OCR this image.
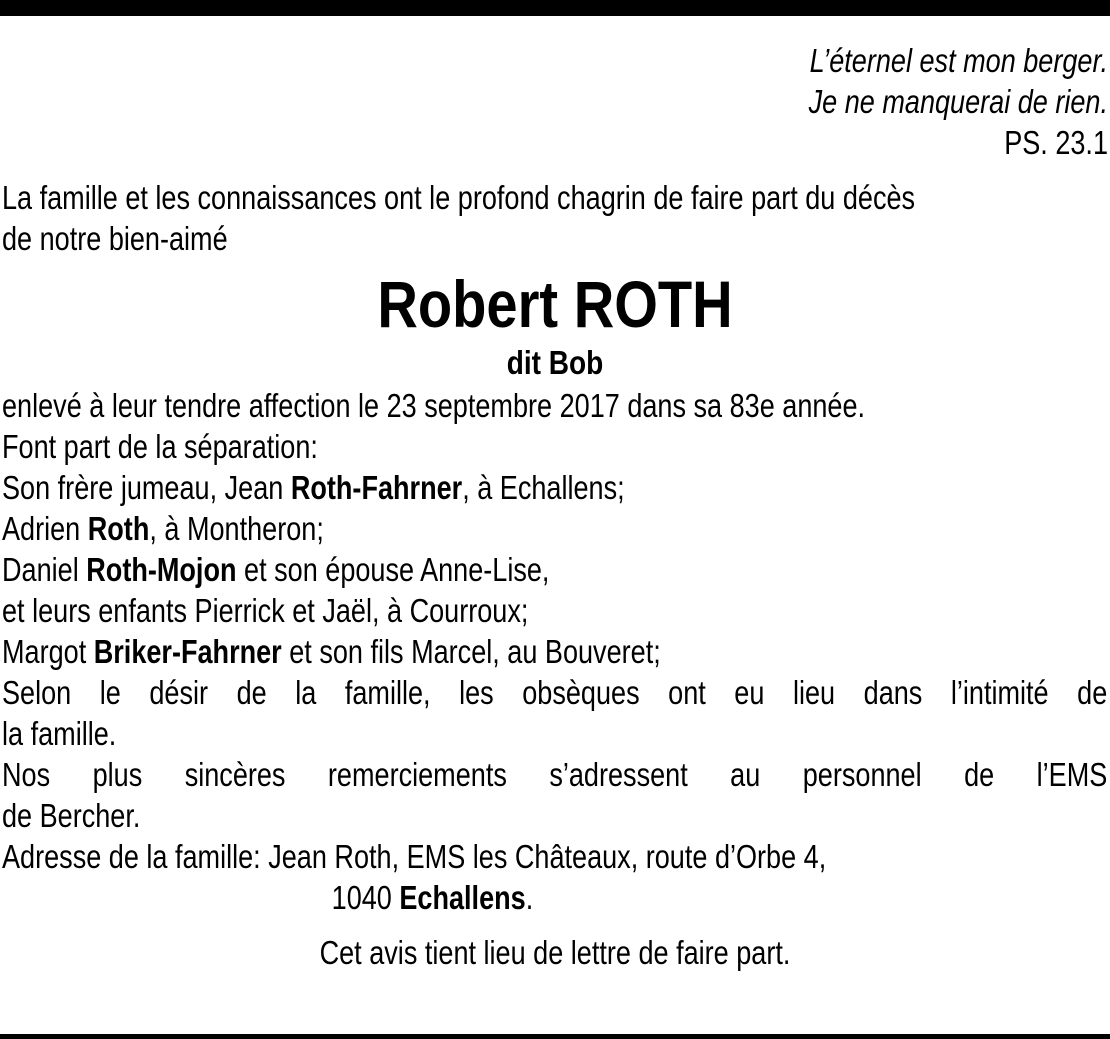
L’éternel est mon berger.
Je ne manquerai de rien.
PS. 23.1
La famille et les connaissances ont le profond chagrin de faire part du décès
de notre bien-aimé
Robert ROTH
dit Bob
enlevé à leur tendre affection le 23 septembre 2017 dans sa 83e année.
Font part de la séparation:
Son frère jumeau, Jean Roth-Fahrner, à Echallens;
Adrien Roth, à Montheron;
Daniel Roth-Mojon et son épouse Anne-Lise,
et leurs enfants Pierrick et Jaël, à Courroux;
Margot Briker-Fahrner et son fils Marcel, au Bouveret;
Selon le désir de la famille, les obsèques ont eu lieu dans l’intimité de
la famille.
Nos plus sincères remerciements s’adressent au personnel de l’EMS
de Bercher.
Adresse de la famille: Jean Roth, EMS les Châteaux, route d’Orbe 4,
1040 Echallens.
Cet avis tient lieu de lettre de faire part.
